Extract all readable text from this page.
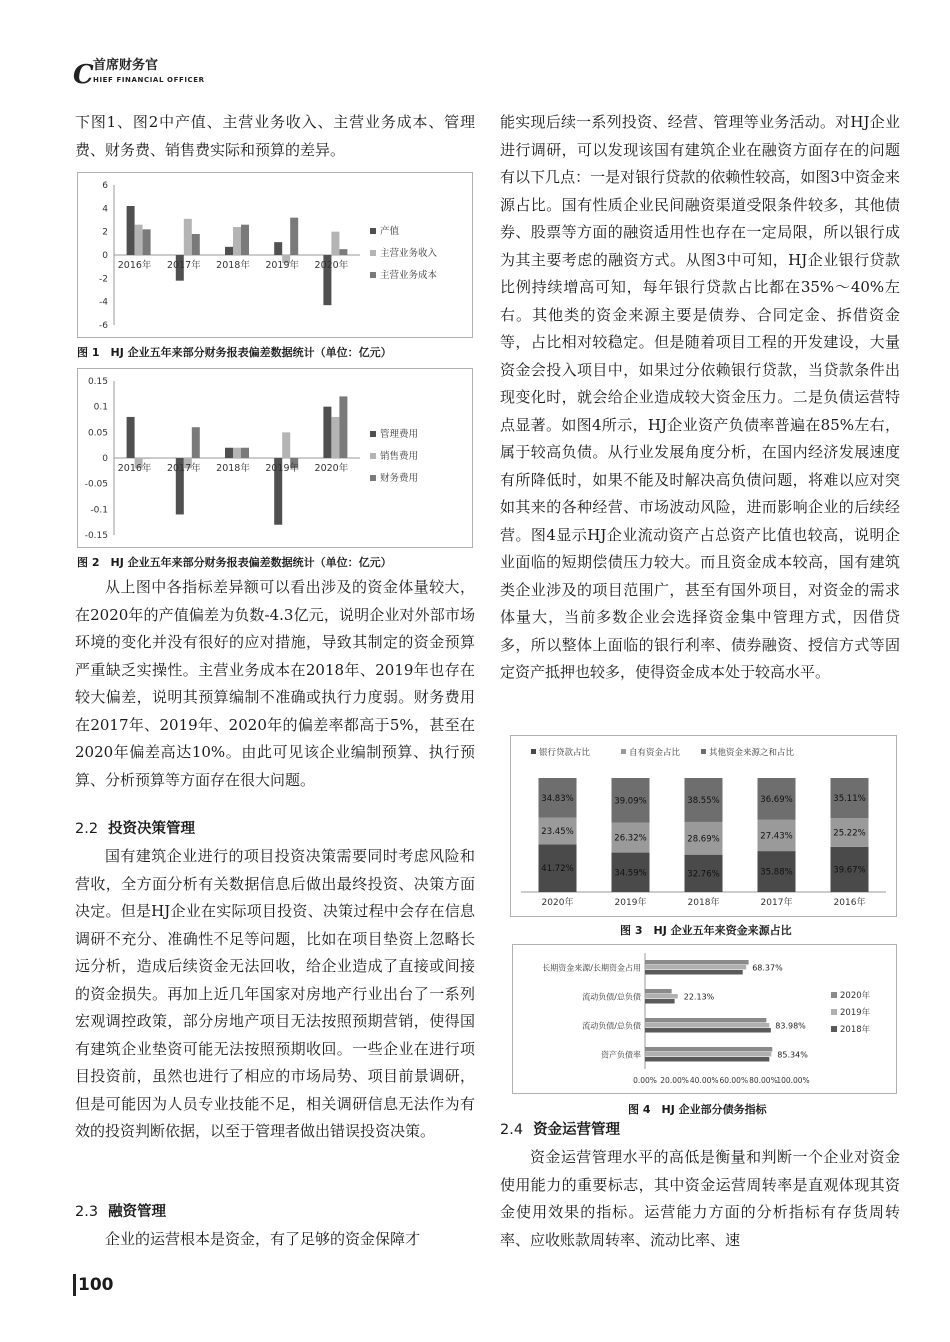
C 首席财务官
HIEF FINANCIAL OFFICER

下图1、图2中产值、主营业务收入、主营业务成本、管理费、财务费、销售费实际和预算的差异。

6
4
2
0
-2
-4
-6
2016年 2017年 2018年 2019年 2020年
产值
主营业务收入
主营业务成本
图 1　HJ 企业五年来部分财务报表偏差数据统计（单位：亿元）
0.15
0.1
0.05
0
-0.05
-0.1
-0.15
2016年 2017年 2018年 2019年 2020年
管理费用
销售费用
财务费用
图 2　HJ 企业五年来部分财务报表偏差数据统计（单位：亿元）

从上图中各指标差异额可以看出涉及的资金体量较大，在2020年的产值偏差为负数-4.3亿元，说明企业对外部市场环境的变化并没有很好的应对措施，导致其制定的资金预算严重缺乏实操性。主营业务成本在2018年、2019年也存在较大偏差，说明其预算编制不准确或执行力度弱。财务费用在2017年、2019年、2020年的偏差率都高于5%，甚至在2020年偏差高达10%。由此可见该企业编制预算、执行预算、分析预算等方面存在很大问题。

2.2 投资决策管理

国有建筑企业进行的项目投资决策需要同时考虑风险和营收，全方面分析有关数据信息后做出最终投资、决策方面决定。但是HJ企业在实际项目投资、决策过程中会存在信息调研不充分、准确性不足等问题，比如在项目垫资上忽略长远分析，造成后续资金无法回收，给企业造成了直接或间接的资金损失。再加上近几年国家对房地产行业出台了一系列宏观调控政策，部分房地产项目无法按照预期营销，使得国有建筑企业垫资可能无法按照预期收回。一些企业在进行项目投资前，虽然也进行了相应的市场局势、项目前景调研，但是可能因为人员专业技能不足，相关调研信息无法作为有效的投资判断依据，以至于管理者做出错误投资决策。

2.3 融资管理

企业的运营根本是资金，有了足够的资金保障才

100

能实现后续一系列投资、经营、管理等业务活动。对HJ企业进行调研，可以发现该国有建筑企业在融资方面存在的问题有以下几点：一是对银行贷款的依赖性较高，如图3中资金来源占比。国有性质企业民间融资渠道受限条件较多，其他债券、股票等方面的融资适用性也存在一定局限，所以银行成为其主要考虑的融资方式。从图3中可知，HJ企业银行贷款比例持续增高可知，每年银行贷款占比都在35%～40%左右。其他类的资金来源主要是债券、合同定金、拆借资金等，占比相对较稳定。但是随着项目工程的开发建设，大量资金会投入项目中，如果过分依赖银行贷款，当贷款条件出现变化时，就会给企业造成较大资金压力。二是负债运营特点显著。如图4所示，HJ企业资产负债率普遍在85%左右，属于较高负债。从行业发展角度分析，在国内经济发展速度有所降低时，如果不能及时解决高负债问题，将难以应对突如其来的各种经营、市场波动风险，进而影响企业的后续经营。图4显示HJ企业流动资产占总资产比值也较高，说明企业面临的短期偿债压力较大。而且资金成本较高，国有建筑类企业涉及的项目范围广，甚至有国外项目，对资金的需求体量大，当前多数企业会选择资金集中管理方式，因借贷多，所以整体上面临的银行利率、债券融资、授信方式等固定资产抵押也较多，使得资金成本处于较高水平。

银行贷款占比	自有资金占比	其他资金来源之和占比
41.72%
23.45%
34.83%
2020年
34.59%
26.32%
39.09%
2019年
32.76%
28.69%
38.55%
2018年
35.88%
27.43%
36.69%
2017年
39.67%
25.22%
35.11%
2016年
图 3　HJ 企业五年来资金来源占比
0.00% 20.00% 40.00% 60.00% 80.00%
100.00%
长期资金来源/长期资金占用	68.37%
流动负债/总负债	22.13%
流动负债/总负债	83.98%
资产负债率	85.34%
2020年
2019年
2018年
图 4　HJ 企业部分债务指标
2.4 资金运营管理

资金运营管理水平的高低是衡量和判断一个企业对资金使用能力的重要标志，其中资金运营周转率是直观体现其资金使用效果的指标。运营能力方面的分析指标有存货周转率、应收账款周转率、流动比率、速
